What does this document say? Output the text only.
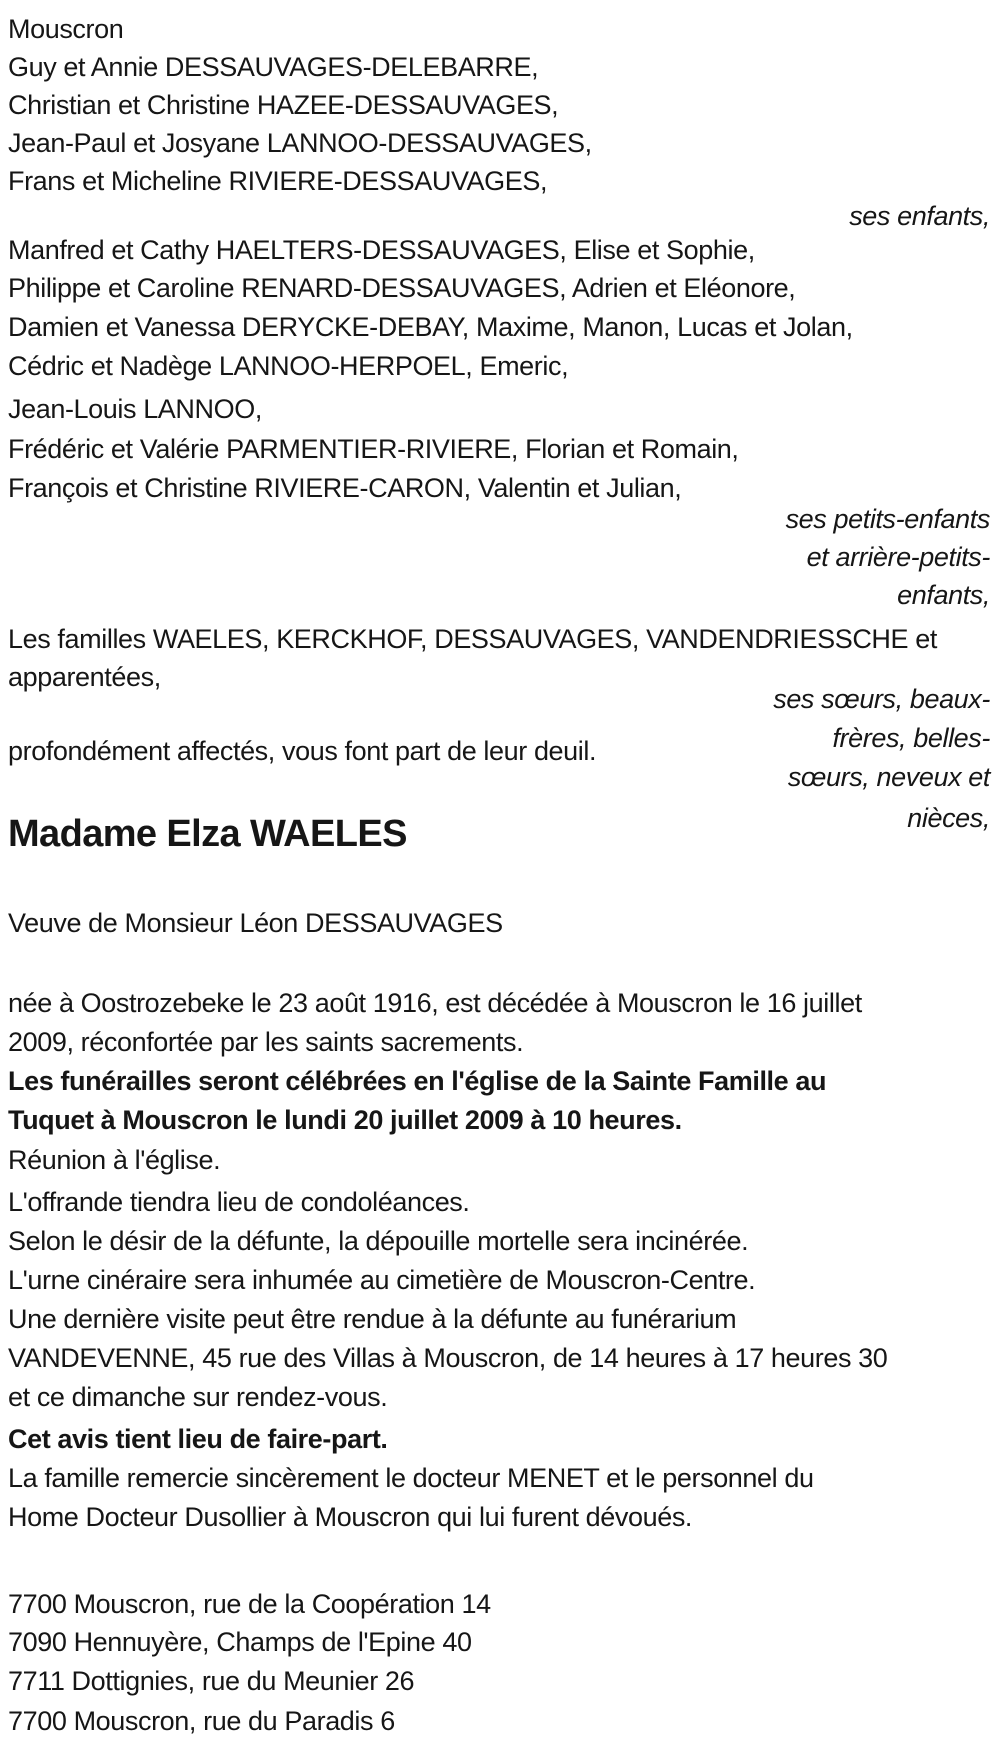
Mouscron
Guy et Annie DESSAUVAGES-DELEBARRE,
Christian et Christine HAZEE-DESSAUVAGES,
Jean-Paul et Josyane LANNOO-DESSAUVAGES,
Frans et Micheline RIVIERE-DESSAUVAGES,
ses enfants,
Manfred et Cathy HAELTERS-DESSAUVAGES, Elise et Sophie,
Philippe et Caroline RENARD-DESSAUVAGES, Adrien et Eléonore,
Damien et Vanessa DERYCKE-DEBAY, Maxime, Manon, Lucas et Jolan,
Cédric et Nadège LANNOO-HERPOEL, Emeric,
Jean-Louis LANNOO,
Frédéric et Valérie PARMENTIER-RIVIERE, Florian et Romain,
François et Christine RIVIERE-CARON, Valentin et Julian,
ses petits-enfants
et arrière-petits-
enfants,
Les familles WAELES, KERCKHOF, DESSAUVAGES, VANDENDRIESSCHE et
apparentées,
ses sœurs, beaux-
frères, belles-
profondément affectés, vous font part de leur deuil.
sœurs, neveux et
nièces,
Madame Elza WAELES
Veuve de Monsieur Léon DESSAUVAGES
née à Oostrozebeke le 23 août 1916, est décédée à Mouscron le 16 juillet
2009, réconfortée par les saints sacrements.
Les funérailles seront célébrées en l'église de la Sainte Famille au
Tuquet à Mouscron le lundi 20 juillet 2009 à 10 heures.
Réunion à l'église.
L'offrande tiendra lieu de condoléances.
Selon le désir de la défunte, la dépouille mortelle sera incinérée.
L'urne cinéraire sera inhumée au cimetière de Mouscron-Centre.
Une dernière visite peut être rendue à la défunte au funérarium
VANDEVENNE, 45 rue des Villas à Mouscron, de 14 heures à 17 heures 30
et ce dimanche sur rendez-vous.
Cet avis tient lieu de faire-part.
La famille remercie sincèrement le docteur MENET et le personnel du
Home Docteur Dusollier à Mouscron qui lui furent dévoués.
7700 Mouscron, rue de la Coopération 14
7090 Hennuyère, Champs de l'Epine 40
7711 Dottignies, rue du Meunier 26
7700 Mouscron, rue du Paradis 6
